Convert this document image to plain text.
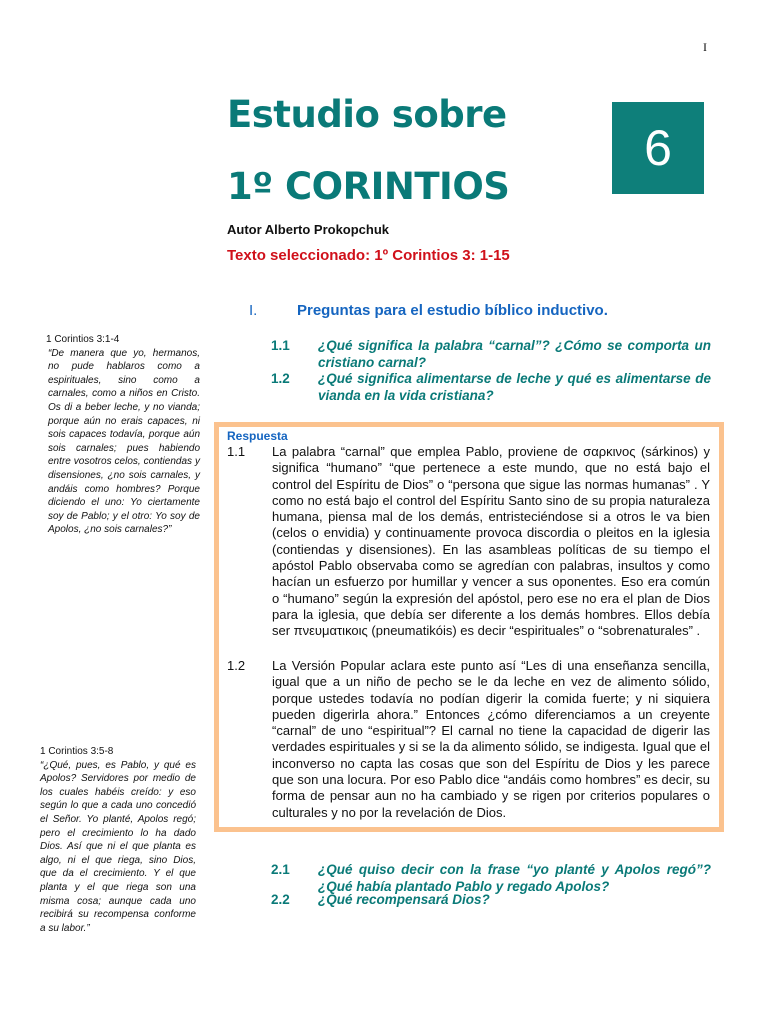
I
Estudio sobre
1º CORINTIOS
6
Autor Alberto Prokopchuk
Texto seleccionado: 1º Corintios 3: 1-15
I.	Preguntas para el estudio bíblico inductivo.
1.1 ¿Qué significa la palabra “carnal”? ¿Cómo se comporta un cristiano carnal?
1.2 ¿Qué significa alimentarse de leche y qué es alimentarse de vianda en la vida cristiana?
1 Corintios 3:1-4
“De manera que yo, hermanos, no pude hablaros como a espirituales, sino como a carnales, como a niños en Cristo. Os di a beber leche, y no vianda; porque aún no erais capaces, ni sois capaces todavía, porque aún sois carnales; pues habiendo entre vosotros celos, contiendas y disensiones, ¿no sois carnales, y andáis como hombres? Porque diciendo el uno: Yo ciertamente soy de Pablo; y el otro: Yo soy de Apolos, ¿no sois carnales?”
1 Corintios 3:5-8
“¿Qué, pues, es Pablo, y qué es Apolos? Servidores por medio de los cuales habéis creído: y eso según lo que a cada uno concedió el Señor. Yo planté, Apolos regó; pero el crecimiento lo ha dado Dios. Así que ni el que planta es algo, ni el que riega, sino Dios, que da el crecimiento. Y el que planta y el que riega son una misma cosa; aunque cada uno recibirá su recompensa conforme a su labor.”
Respuesta
1.1 La palabra “carnal” que emplea Pablo, proviene de σαρκινος (sárkinos) y significa “humano” “que pertenece a este mundo, que no está bajo el control del Espíritu de Dios” o “persona que sigue las normas humanas” . Y como no está bajo el control del Espíritu Santo sino de su propia naturaleza humana, piensa mal de los demás, entristeciéndose si a otros le va bien (celos o envidia) y continuamente provoca discordia o pleitos en la iglesia (contiendas y disensiones). En las asambleas políticas de su tiempo el apóstol Pablo observaba como se agredían con palabras, insultos y como hacían un esfuerzo por humillar y vencer a sus oponentes. Eso era común o “humano” según la expresión del apóstol, pero ese no era el plan de Dios para la iglesia, que debía ser diferente a los demás hombres. Ellos debía ser πνευματικοις (pneumatikóis) es decir “espirituales” o “sobrenaturales” .
1.2 La Versión Popular aclara este punto así “Les di una enseñanza sencilla, igual que a un niño de pecho se le da leche en vez de alimento sólido, porque ustedes todavía no podían digerir la comida fuerte; y ni siquiera pueden digerirla ahora.” Entonces ¿cómo diferenciamos a un creyente “carnal” de uno “espiritual”? El carnal no tiene la capacidad de digerir las verdades espirituales y si se la da alimento sólido, se indigesta. Igual que el inconverso no capta las cosas que son del Espíritu de Dios y les parece que son una locura. Por eso Pablo dice “andáis como hombres” es decir, su forma de pensar aun no ha cambiado y se rigen por criterios populares o culturales y no por la revelación de Dios.
2.1 ¿Qué quiso decir con la frase “yo planté y Apolos regó”? ¿Qué había plantado Pablo y regado Apolos?
2.2 ¿Qué recompensará Dios?
